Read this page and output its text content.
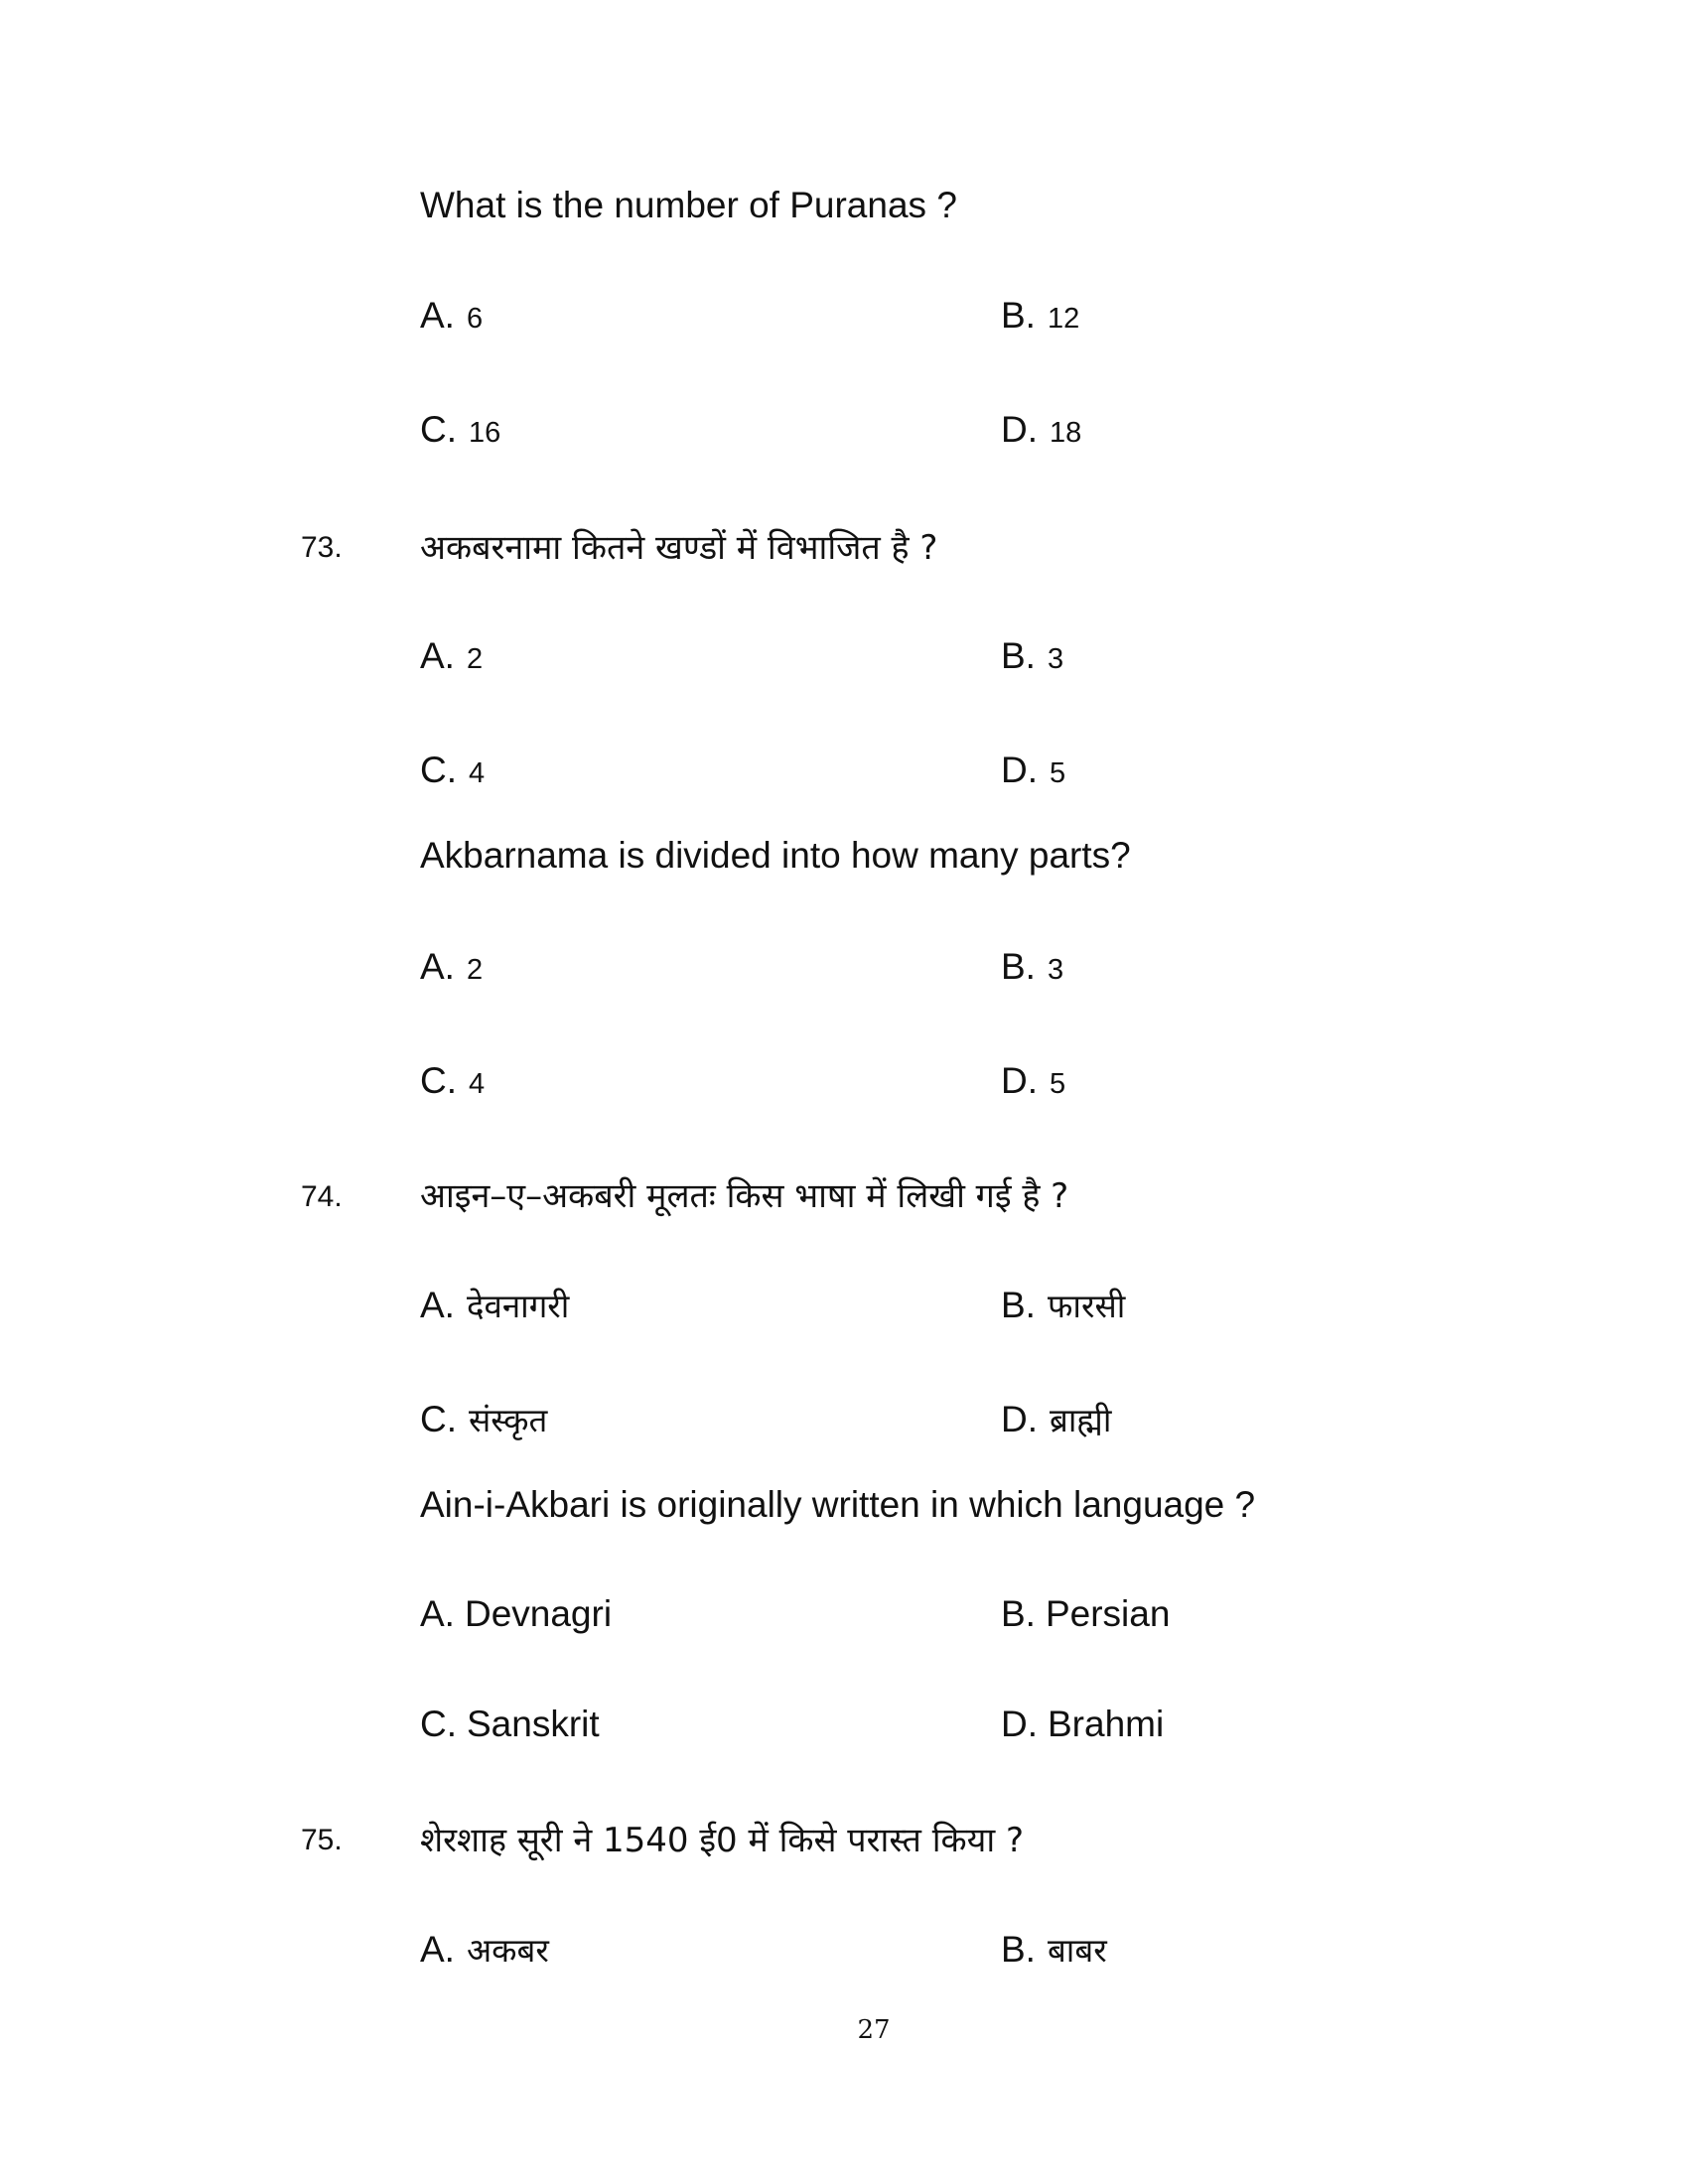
What is the number of Puranas ?
A. 6	B. 12
C. 16	D. 18
73. अकबरनामा कितने खण्डों में विभाजित है ?
A. 2	B. 3
C. 4	D. 5
Akbarnama is divided into how many parts?
A. 2	B. 3
C. 4	D. 5
74. आइन–ए–अकबरी मूलतः किस भाषा में लिखी गई है ?
A. देवनागरी	B. फारसी
C. संस्कृत	D. ब्राह्मी
Ain-i-Akbari is originally written in which language ?
A. Devnagri	B. Persian
C. Sanskrit	D. Brahmi
75. शेरशाह सूरी ने 1540 ई0 में किसे परास्त किया ?
A. अकबर	B. बाबर
27
